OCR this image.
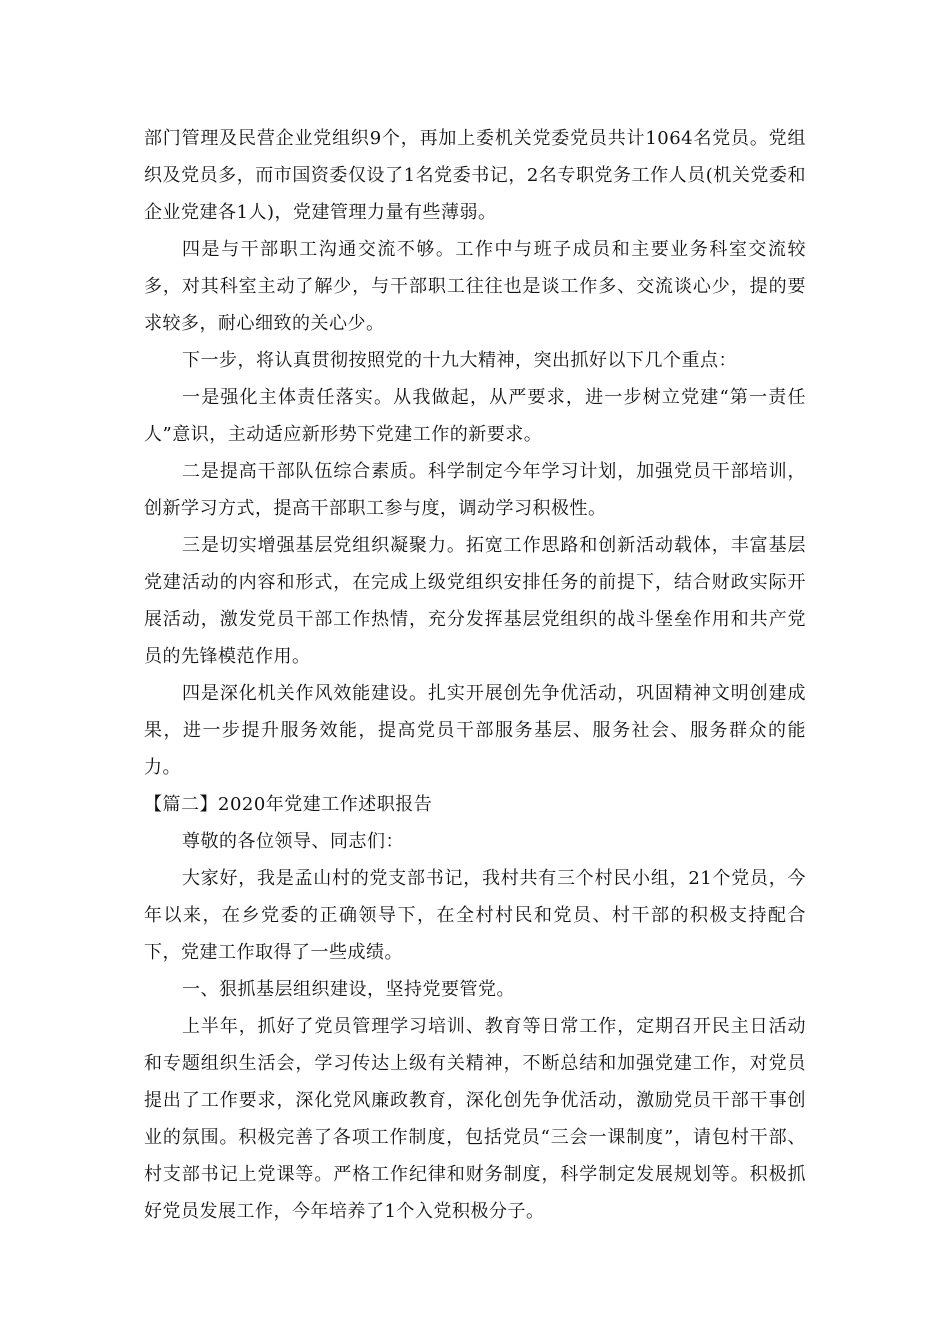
部门管理及民营企业党组织9个，再加上委机关党委党员共计1064名党员。党组织及党员多，而市国资委仅设了1名党委书记，2名专职党务工作人员(机关党委和企业党建各1人)，党建管理力量有些薄弱。

四是与干部职工沟通交流不够。工作中与班子成员和主要业务科室交流较多，对其科室主动了解少，与干部职工往往也是谈工作多、交流谈心少，提的要求较多，耐心细致的关心少。

下一步，将认真贯彻按照党的十九大精神，突出抓好以下几个重点：

一是强化主体责任落实。从我做起，从严要求，进一步树立党建“第一责任人”意识，主动适应新形势下党建工作的新要求。

二是提高干部队伍综合素质。科学制定今年学习计划，加强党员干部培训，创新学习方式，提高干部职工参与度，调动学习积极性。

三是切实增强基层党组织凝聚力。拓宽工作思路和创新活动载体，丰富基层党建活动的内容和形式，在完成上级党组织安排任务的前提下，结合财政实际开展活动，激发党员干部工作热情，充分发挥基层党组织的战斗堡垒作用和共产党员的先锋模范作用。

四是深化机关作风效能建设。扎实开展创先争优活动，巩固精神文明创建成果，进一步提升服务效能，提高党员干部服务基层、服务社会、服务群众的能力。

【篇二】2020年党建工作述职报告

尊敬的各位领导、同志们：

大家好，我是孟山村的党支部书记，我村共有三个村民小组，21个党员，今年以来，在乡党委的正确领导下，在全村村民和党员、村干部的积极支持配合下，党建工作取得了一些成绩。

一、狠抓基层组织建设，坚持党要管党。

上半年，抓好了党员管理学习培训、教育等日常工作，定期召开民主日活动和专题组织生活会，学习传达上级有关精神，不断总结和加强党建工作，对党员提出了工作要求，深化党风廉政教育，深化创先争优活动，激励党员干部干事创业的氛围。积极完善了各项工作制度，包括党员“三会一课制度”，请包村干部、村支部书记上党课等。严格工作纪律和财务制度，科学制定发展规划等。积极抓好党员发展工作，今年培养了1个入党积极分子。
